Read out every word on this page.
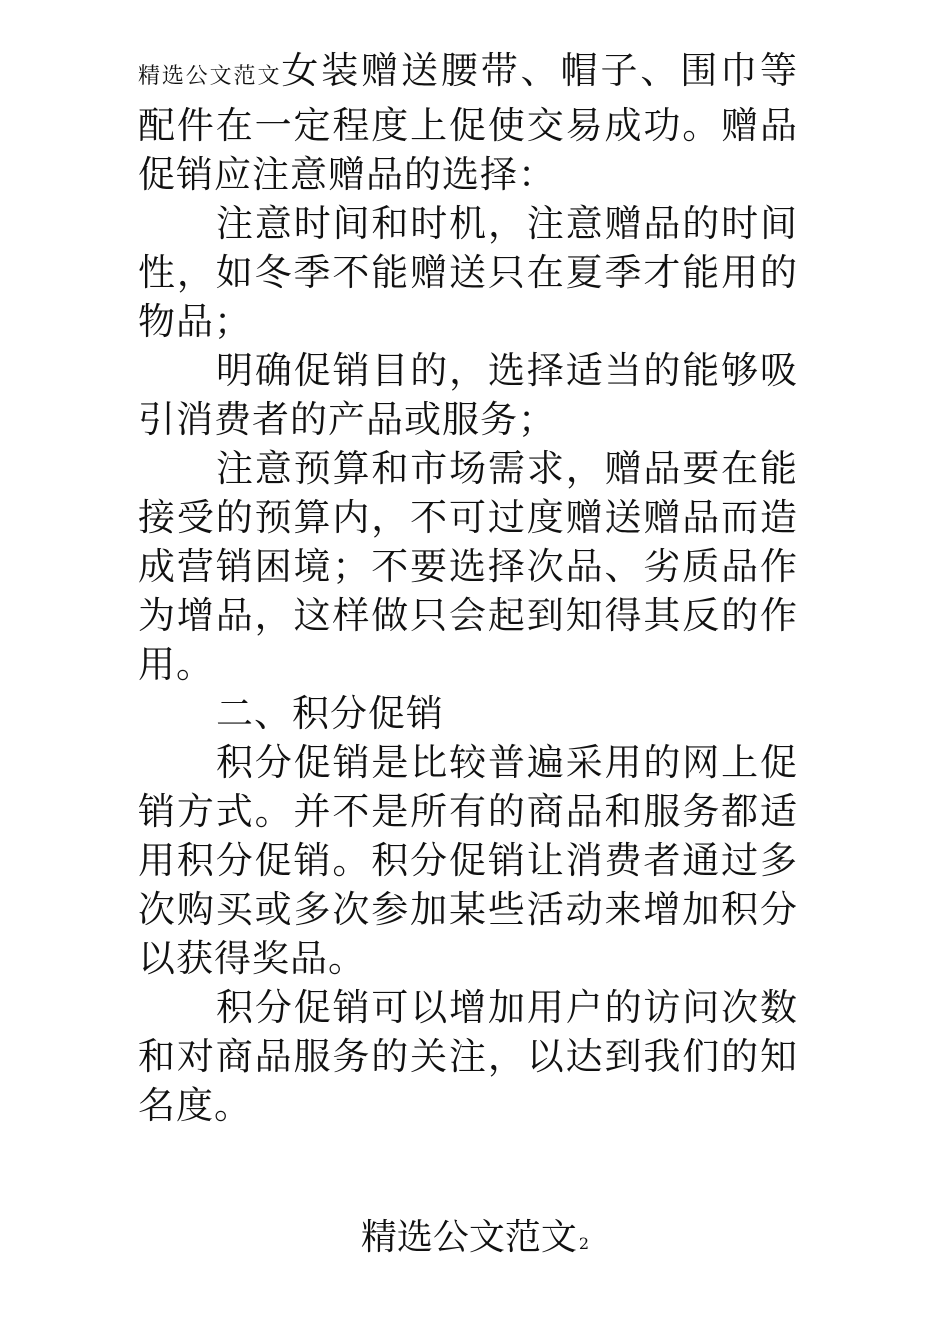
精选公文范文女装赠送腰带、帽子、围巾等配件在一定程度上促使交易成功。赠品促销应注意赠品的选择：

注意时间和时机，注意赠品的时间性，如冬季不能赠送只在夏季才能用的物品；

明确促销目的，选择适当的能够吸引消费者的产品或服务；

注意预算和市场需求，赠品要在能接受的预算内，不可过度赠送赠品而造成营销困境；不要选择次品、劣质品作为增品，这样做只会起到知得其反的作用。

二、积分促销

积分促销是比较普遍采用的网上促销方式。并不是所有的商品和服务都适用积分促销。积分促销让消费者通过多次购买或多次参加某些活动来增加积分以获得奖品。

积分促销可以增加用户的访问次数和对商品服务的关注，以达到我们的知名度。

精选公文范文 2
